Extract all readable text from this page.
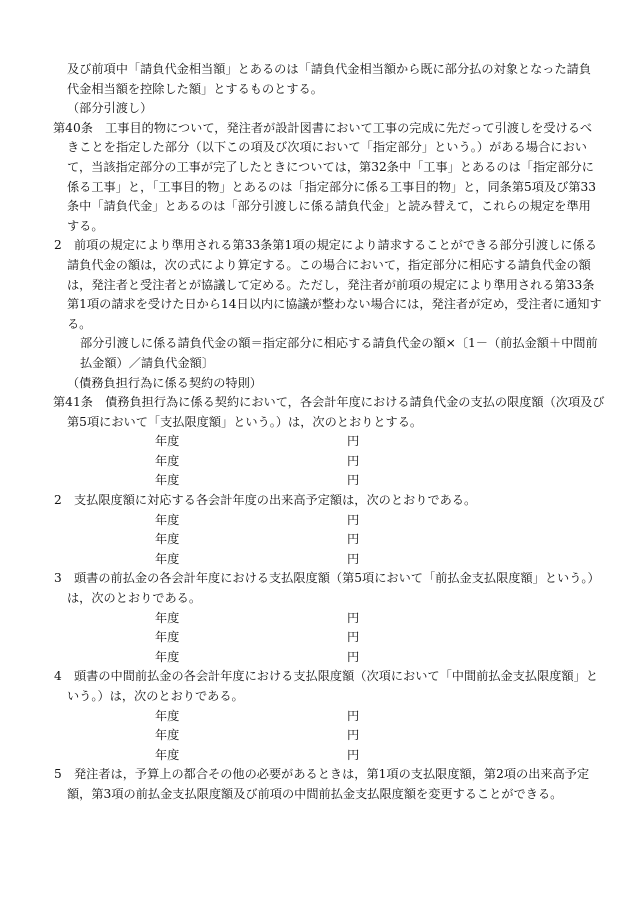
及び前項中「請負代金相当額」とあるのは「請負代金相当額から既に部分払の対象となった請負
代金相当額を控除した額」とするものとする。
（部分引渡し）
第40条　工事目的物について，発注者が設計図書において工事の完成に先だって引渡しを受けるべ
きことを指定した部分（以下この項及び次項において「指定部分」という。）がある場合におい
て，当該指定部分の工事が完了したときについては，第32条中「工事」とあるのは「指定部分に
係る工事」と，「工事目的物」とあるのは「指定部分に係る工事目的物」と，同条第5項及び第33
条中「請負代金」とあるのは「部分引渡しに係る請負代金」と読み替えて，これらの規定を準用
する。
2　前項の規定により準用される第33条第1項の規定により請求することができる部分引渡しに係る
請負代金の額は，次の式により算定する。この場合において，指定部分に相応する請負代金の額
は，発注者と受注者とが協議して定める。ただし，発注者が前項の規定により準用される第33条
第1項の請求を受けた日から14日以内に協議が整わない場合には，発注者が定め，受注者に通知す
る。
部分引渡しに係る請負代金の額＝指定部分に相応する請負代金の額×〔1－（前払金額＋中間前
払金額）／請負代金額〕
（債務負担行為に係る契約の特則）
第41条　債務負担行為に係る契約において，各会計年度における請負代金の支払の限度額（次項及び
第5項において「支払限度額」という。）は，次のとおりとする。
年度	円
年度	円
年度	円
2　支払限度額に対応する各会計年度の出来高予定額は，次のとおりである。
年度	円
年度	円
年度	円
3　頭書の前払金の各会計年度における支払限度額（第5項において「前払金支払限度額」という。）
は，次のとおりである。
年度	円
年度	円
年度	円
4　頭書の中間前払金の各会計年度における支払限度額（次項において「中間前払金支払限度額」と
いう。）は，次のとおりである。
年度	円
年度	円
年度	円
5　発注者は，予算上の都合その他の必要があるときは，第1項の支払限度額，第2項の出来高予定
額，第3項の前払金支払限度額及び前項の中間前払金支払限度額を変更することができる。
